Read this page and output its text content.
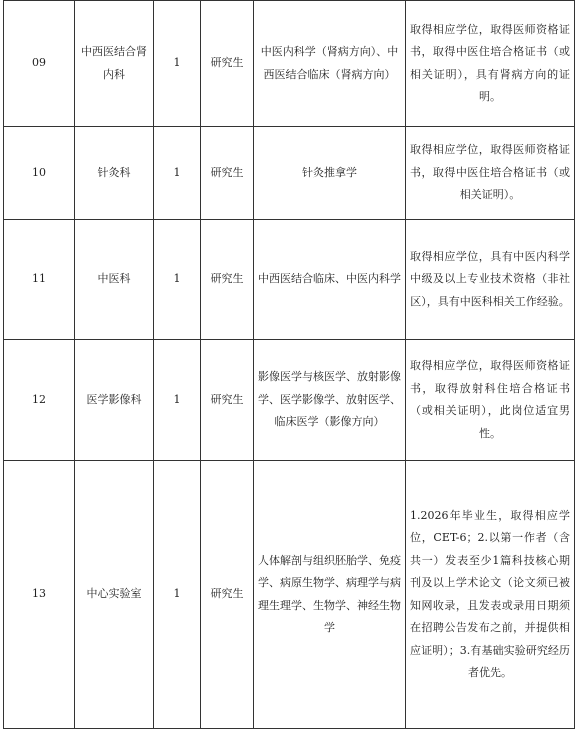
09	中西医结合肾内科	1	研究生	中医内科学（肾病方向）、中西医结合临床（肾病方向）	取得相应学位，取得医师资格证书，取得中医住培合格证书（或相关证明），具有肾病方向的证明。
10	针灸科	1	研究生	针灸推拿学	取得相应学位，取得医师资格证书，取得中医住培合格证书（或相关证明）。
11	中医科	1	研究生	中西医结合临床、中医内科学	取得相应学位，具有中医内科学中级及以上专业技术资格（非社区），具有中医科相关工作经验。
12	医学影像科	1	研究生	影像医学与核医学、放射影像学、医学影像学、放射医学、临床医学（影像方向）	取得相应学位，取得医师资格证书，取得放射科住培合格证书（或相关证明），此岗位适宜男性。
13	中心实验室	1	研究生	人体解剖与组织胚胎学、免疫学、病原生物学、病理学与病理生理学、生物学、神经生物学	1.2026年毕业生，取得相应学位，CET-6；2.以第一作者（含共一）发表至少1篇科技核心期刊及以上学术论文（论文须已被知网收录，且发表或录用日期须在招聘公告发布之前，并提供相应证明）；3.有基础实验研究经历者优先。
